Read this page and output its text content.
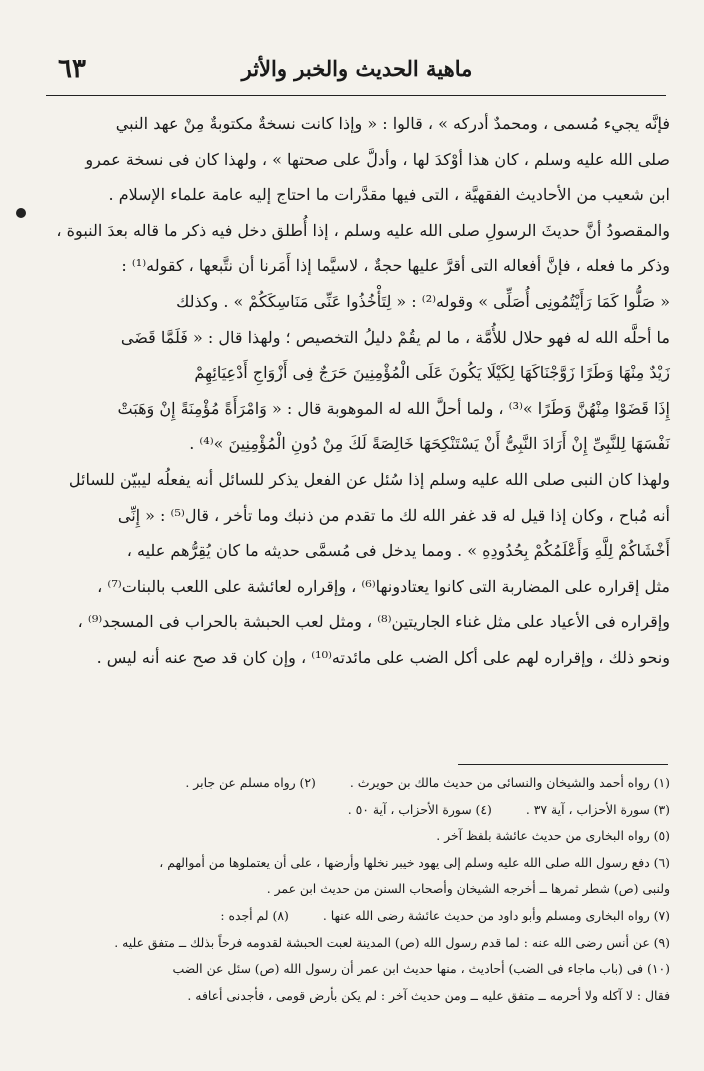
ماهية الحديث والخبر والأثر
٦٣

فإنَّه يجيء مُسمى ، ومحمدٌ أدركه » ، قالوا : « وإذا كانت نسخةٌ مكتوبةٌ مِنْ عهد النبي

صلى الله عليه وسلم ، كان هذا أوْكدَ لها ، وأدلَّ على صحتها » ، ولهذا كان فى نسخة عمرو

ابن شعيب من الأحاديث الفقهيَّة ، التى فيها مقدَّرات ما احتاج إليه عامة علماء الإسلام .

والمقصودُ أنَّ حديثَ الرسولِ صلى الله عليه وسلم ، إذا أُطلق دخل فيه ذكر ما قاله بعدَ النبوة ،

وذكر ما فعله ، فإنَّ أفعاله التى أقرَّ عليها حجةٌ ، لاسيَّما إذا أَمَرنا أن نتَّبعها ، كقوله⁽¹⁾ :

« صَلُّوا كَمَا رَأَيْتُمُونِى أُصَلِّى » وقوله⁽²⁾ : « لِتَأْخُذُوا عَنِّى مَنَاسِكَكُمْ » . وكذلك

ما أحلَّه الله له فهو حلال للأُمَّة ، ما لم يقُمْ دليلُ التخصيص ؛ ولهذا قال : « فَلَمَّا قَضَى

زَيْدٌ مِنْهَا وَطَرًا زَوَّجْنَاكَهَا لِكَيْلَا يَكُونَ عَلَى الْمُؤْمِنِينَ حَرَجٌ فِى أَزْوَاجِ أَدْعِيَائِهِمْ

إِذَا قَضَوْا مِنْهُنَّ وَطَرًا »⁽³⁾ ، ولما أحلَّ الله له الموهوبة قال : « وَامْرَأَةً مُؤْمِنَةً إِنْ وَهَبَتْ

نَفْسَهَا لِلنَّبِىِّ إِنْ أَرَادَ النَّبِىُّ أَنْ يَسْتَنْكِحَهَا خَالِصَةً لَكَ مِنْ دُونِ الْمُؤْمِنِينَ »⁽⁴⁾ .

ولهذا كان النبى صلى الله عليه وسلم إذا سُئل عن الفعل يذكر للسائل أنه يفعلُه ليبيّن للسائل

أنه مُباح ، وكان إذا قيل له قد غفر الله لك ما تقدم من ذنبك وما تأخر ، قال⁽⁵⁾ : « إِنِّى

أَخْشَاكُمْ لِلَّهِ وَأَعْلَمُكُمْ بِحُدُودِهِ » . ومما يدخل فى مُسمَّى حديثه ما كان يُقِرُّهم عليه ،

مثل إقراره على المضاربة التى كانوا يعتادونها⁽⁶⁾ ، وإقراره لعائشة على اللعب بالبنات⁽⁷⁾ ،

وإقراره فى الأعياد على مثل غناء الجاريتين⁽⁸⁾ ، ومثل لعب الحبشة بالحراب فى المسجد⁽⁹⁾ ،

ونحو ذلك ، وإقراره لهم على أكل الضب على مائدته⁽¹⁰⁾ ، وإن كان قد صح عنه أنه ليس .

(١) رواه أحمد والشيخان والنسائى من حديث مالك بن حويرث .(٢) رواه مسلم عن جابر .
(٣) سورة الأحزاب ، آية ٣٧ .(٤) سورة الأحزاب ، آية ٥٠ .
(٥) رواه البخارى من حديث عائشة بلفظ آخر .
(٦) دفع رسول الله صلى الله عليه وسلم إلى يهود خيبر نخلها وأرضها ، على أن يعتملوها من أموالهم ،
ولنبى (ص) شطر ثمرها ــ أخرجه الشيخان وأصحاب السنن من حديث ابن عمر .
(٧) رواه البخارى ومسلم وأبو داود من حديث عائشة رضى الله عنها .(٨) لم أجده :
(٩) عن أنس رضى الله عنه : لما قدم رسول الله (ص) المدينة لعبت الحبشة لقدومه فرحاً بذلك ــ متفق عليه .
(١٠) فى (باب ماجاء فى الضب) أحاديث ، منها حديث ابن عمر أن رسول الله (ص) سئل عن الضب
فقال : لا آكله ولا أحرمه ــ متفق عليه ــ ومن حديث آخر : لم يكن بأرض قومى ، فأجدنى أعافه .
